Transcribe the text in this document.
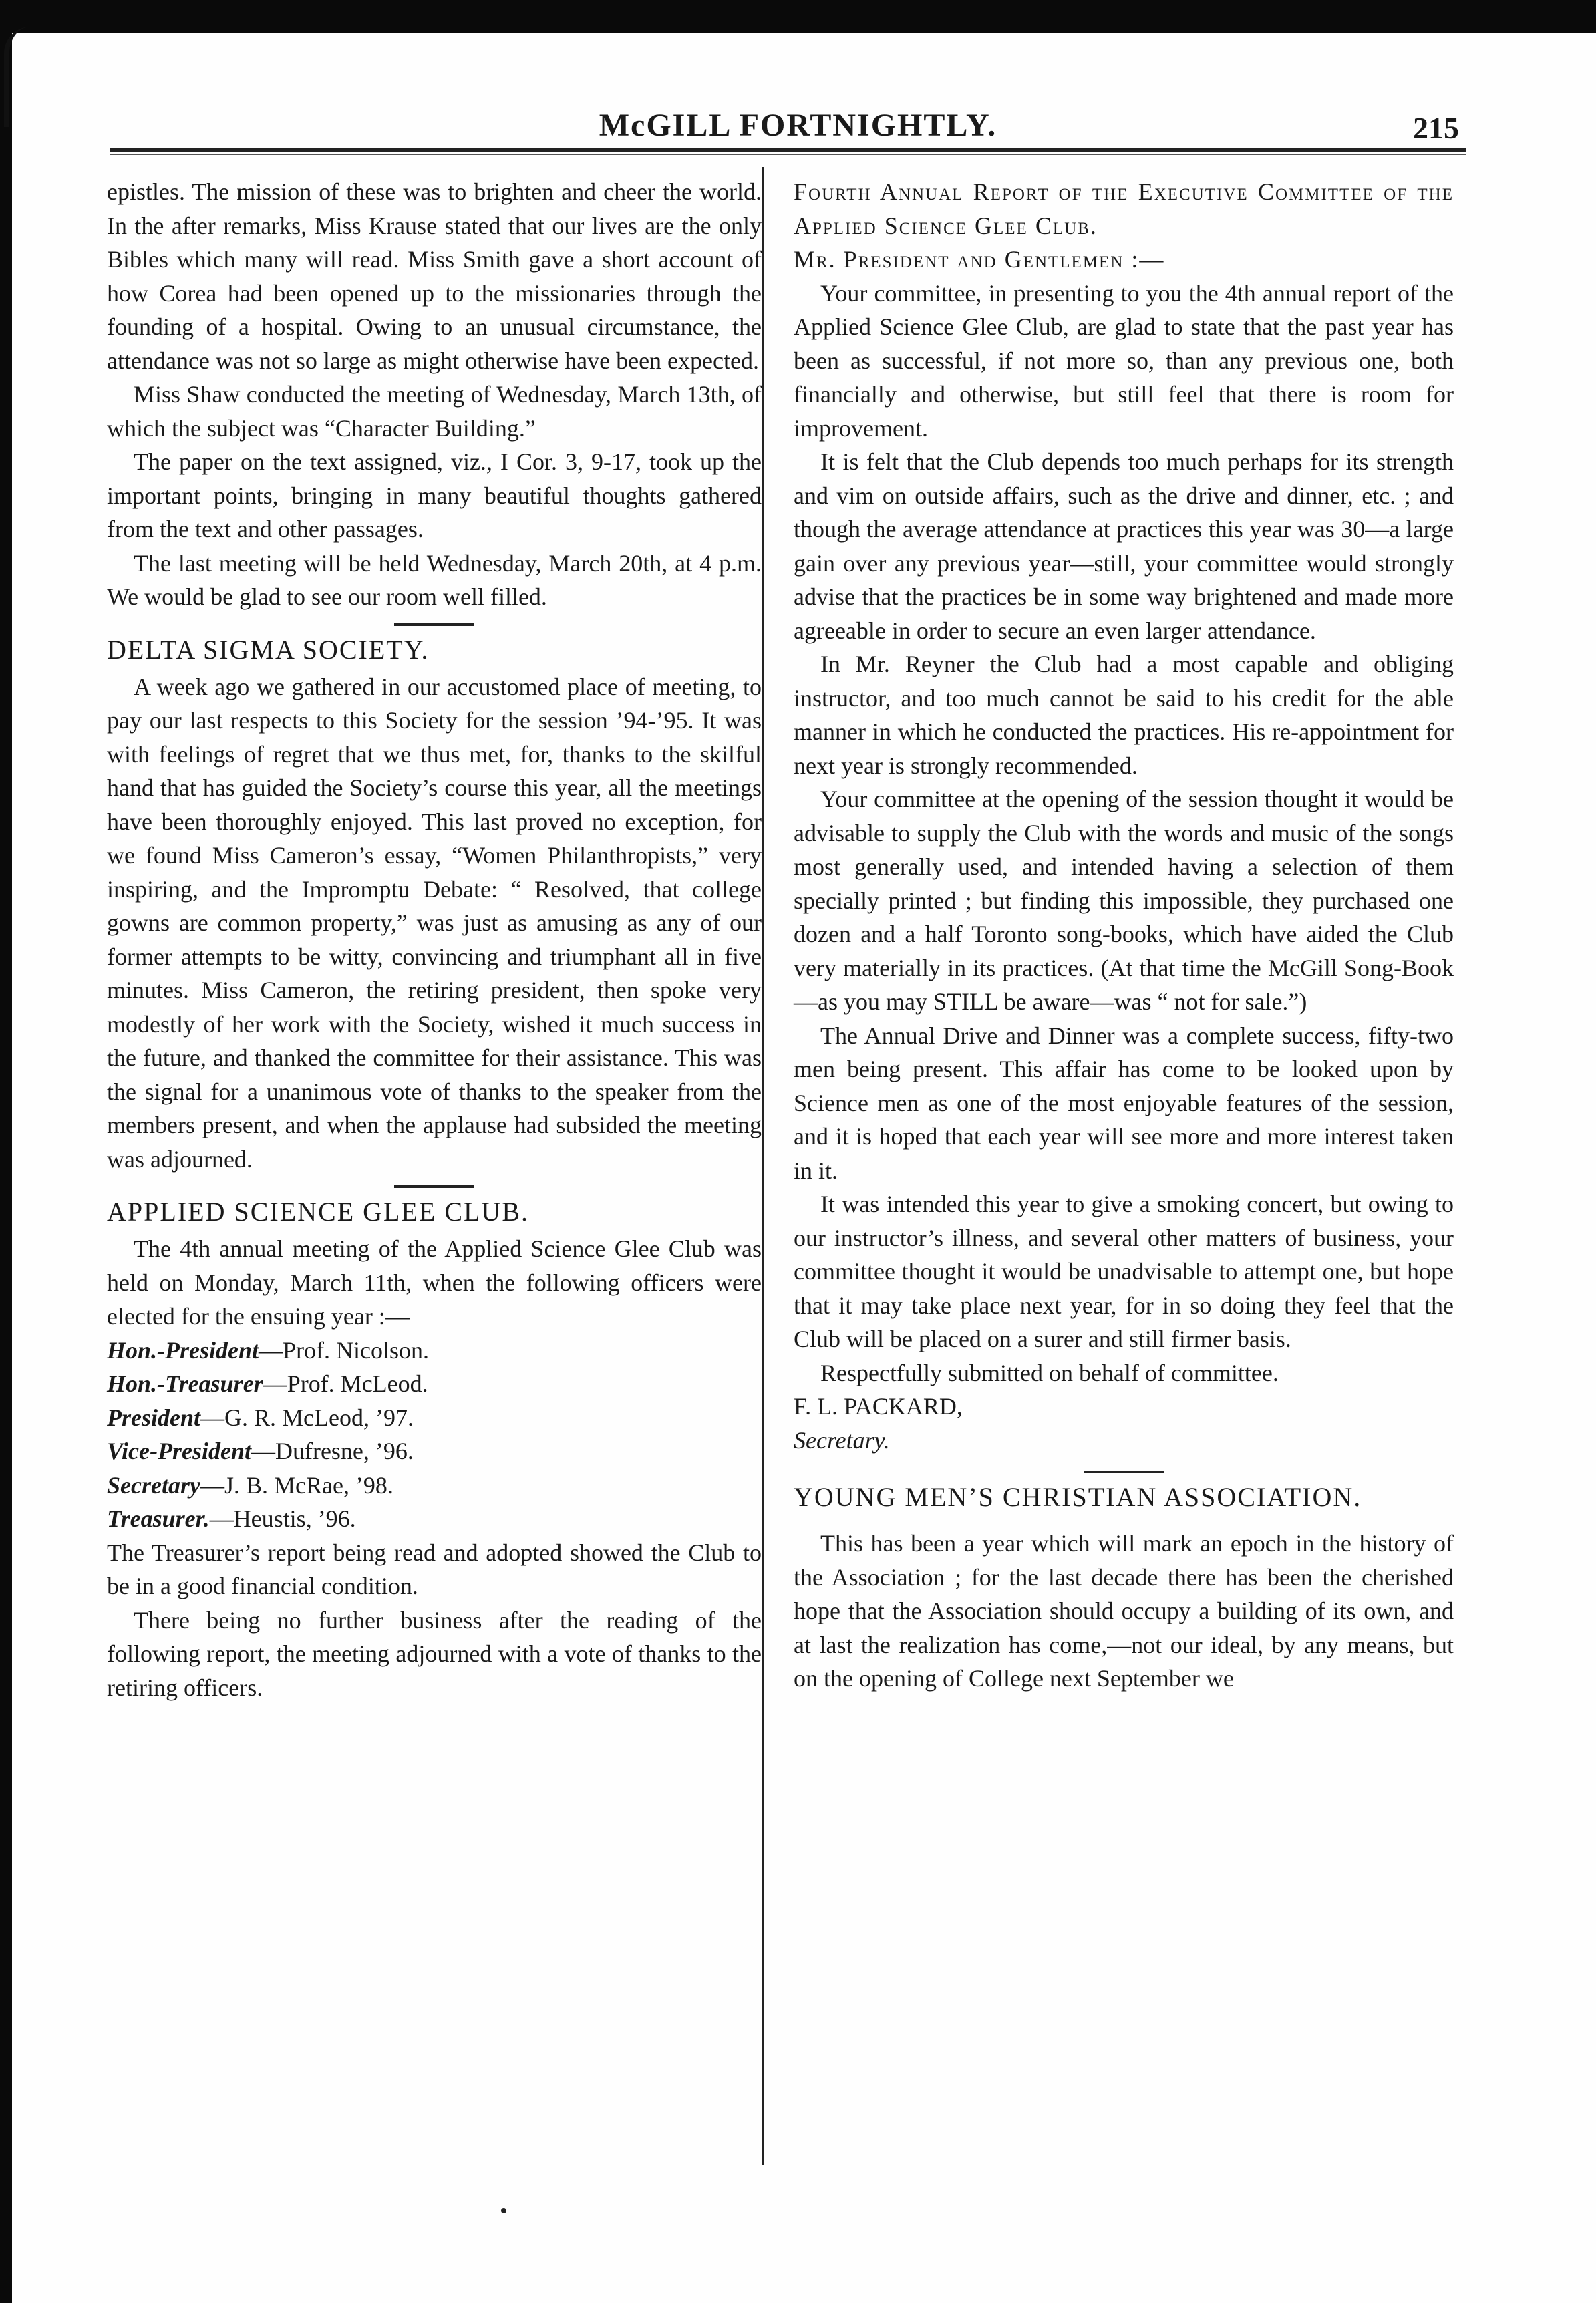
McGILL FORTNIGHTLY.	215

epistles. The mission of these was to brighten and cheer the world. In the after remarks, Miss Krause stated that our lives are the only Bibles which many will read. Miss Smith gave a short account of how Corea had been opened up to the missionaries through the founding of a hospital. Owing to an unusual circumstance, the attendance was not so large as might otherwise have been expected.

Miss Shaw conducted the meeting of Wednesday, March 13th, of which the subject was “Character Building.”

The paper on the text assigned, viz., I Cor. 3, 9-17, took up the important points, bringing in many beautiful thoughts gathered from the text and other passages.

The last meeting will be held Wednesday, March 20th, at 4 p.m. We would be glad to see our room well filled.

DELTA SIGMA SOCIETY.

A week ago we gathered in our accustomed place of meeting, to pay our last respects to this Society for the session ’94-’95. It was with feelings of regret that we thus met, for, thanks to the skilful hand that has guided the Society’s course this year, all the meetings have been thoroughly enjoyed. This last proved no exception, for we found Miss Cameron’s essay, “Women Philanthropists,” very inspiring, and the Impromptu Debate: “ Resolved, that college gowns are common property,” was just as amusing as any of our former attempts to be witty, convincing and triumphant all in five minutes. Miss Cameron, the retiring president, then spoke very modestly of her work with the Society, wished it much success in the future, and thanked the committee for their assistance. This was the signal for a unanimous vote of thanks to the speaker from the members present, and when the applause had subsided the meeting was adjourned.

APPLIED SCIENCE GLEE CLUB.

The 4th annual meeting of the Applied Science Glee Club was held on Monday, March 11th, when the following officers were elected for the ensuing year :—

Hon.-President—Prof. Nicolson.

Hon.-Treasurer—Prof. McLeod.

President—G. R. McLeod, ’97.

Vice-President—Dufresne, ’96.

Secretary—J. B. McRae, ’98.

Treasurer.—Heustis, ’96.

The Treasurer’s report being read and adopted showed the Club to be in a good financial condition.

There being no further business after the reading of the following report, the meeting adjourned with a vote of thanks to the retiring officers.

Fourth Annual Report of the Executive Committee of the Applied Science Glee Club.

Mr. President and Gentlemen :—

Your committee, in presenting to you the 4th annual report of the Applied Science Glee Club, are glad to state that the past year has been as successful, if not more so, than any previous one, both financially and otherwise, but still feel that there is room for improvement.

It is felt that the Club depends too much perhaps for its strength and vim on outside affairs, such as the drive and dinner, etc. ; and though the average attendance at practices this year was 30—a large gain over any previous year—still, your committee would strongly advise that the practices be in some way brightened and made more agreeable in order to secure an even larger attendance.

In Mr. Reyner the Club had a most capable and obliging instructor, and too much cannot be said to his credit for the able manner in which he conducted the practices. His re-appointment for next year is strongly recommended.

Your committee at the opening of the session thought it would be advisable to supply the Club with the words and music of the songs most generally used, and intended having a selection of them specially printed ; but finding this impossible, they purchased one dozen and a half Toronto song-books, which have aided the Club very materially in its practices. (At that time the McGill Song-Book—as you may STILL be aware—was “ not for sale.”)

The Annual Drive and Dinner was a complete success, fifty-two men being present. This affair has come to be looked upon by Science men as one of the most enjoyable features of the session, and it is hoped that each year will see more and more interest taken in it.

It was intended this year to give a smoking concert, but owing to our instructor’s illness, and several other matters of business, your committee thought it would be unadvisable to attempt one, but hope that it may take place next year, for in so doing they feel that the Club will be placed on a surer and still firmer basis.

Respectfully submitted on behalf of committee.

F. L. PACKARD,

Secretary.

YOUNG MEN’S CHRISTIAN ASSOCIATION.

This has been a year which will mark an epoch in the history of the Association ; for the last decade there has been the cherished hope that the Association should occupy a building of its own, and at last the realization has come,—not our ideal, by any means, but on the opening of College next September we
